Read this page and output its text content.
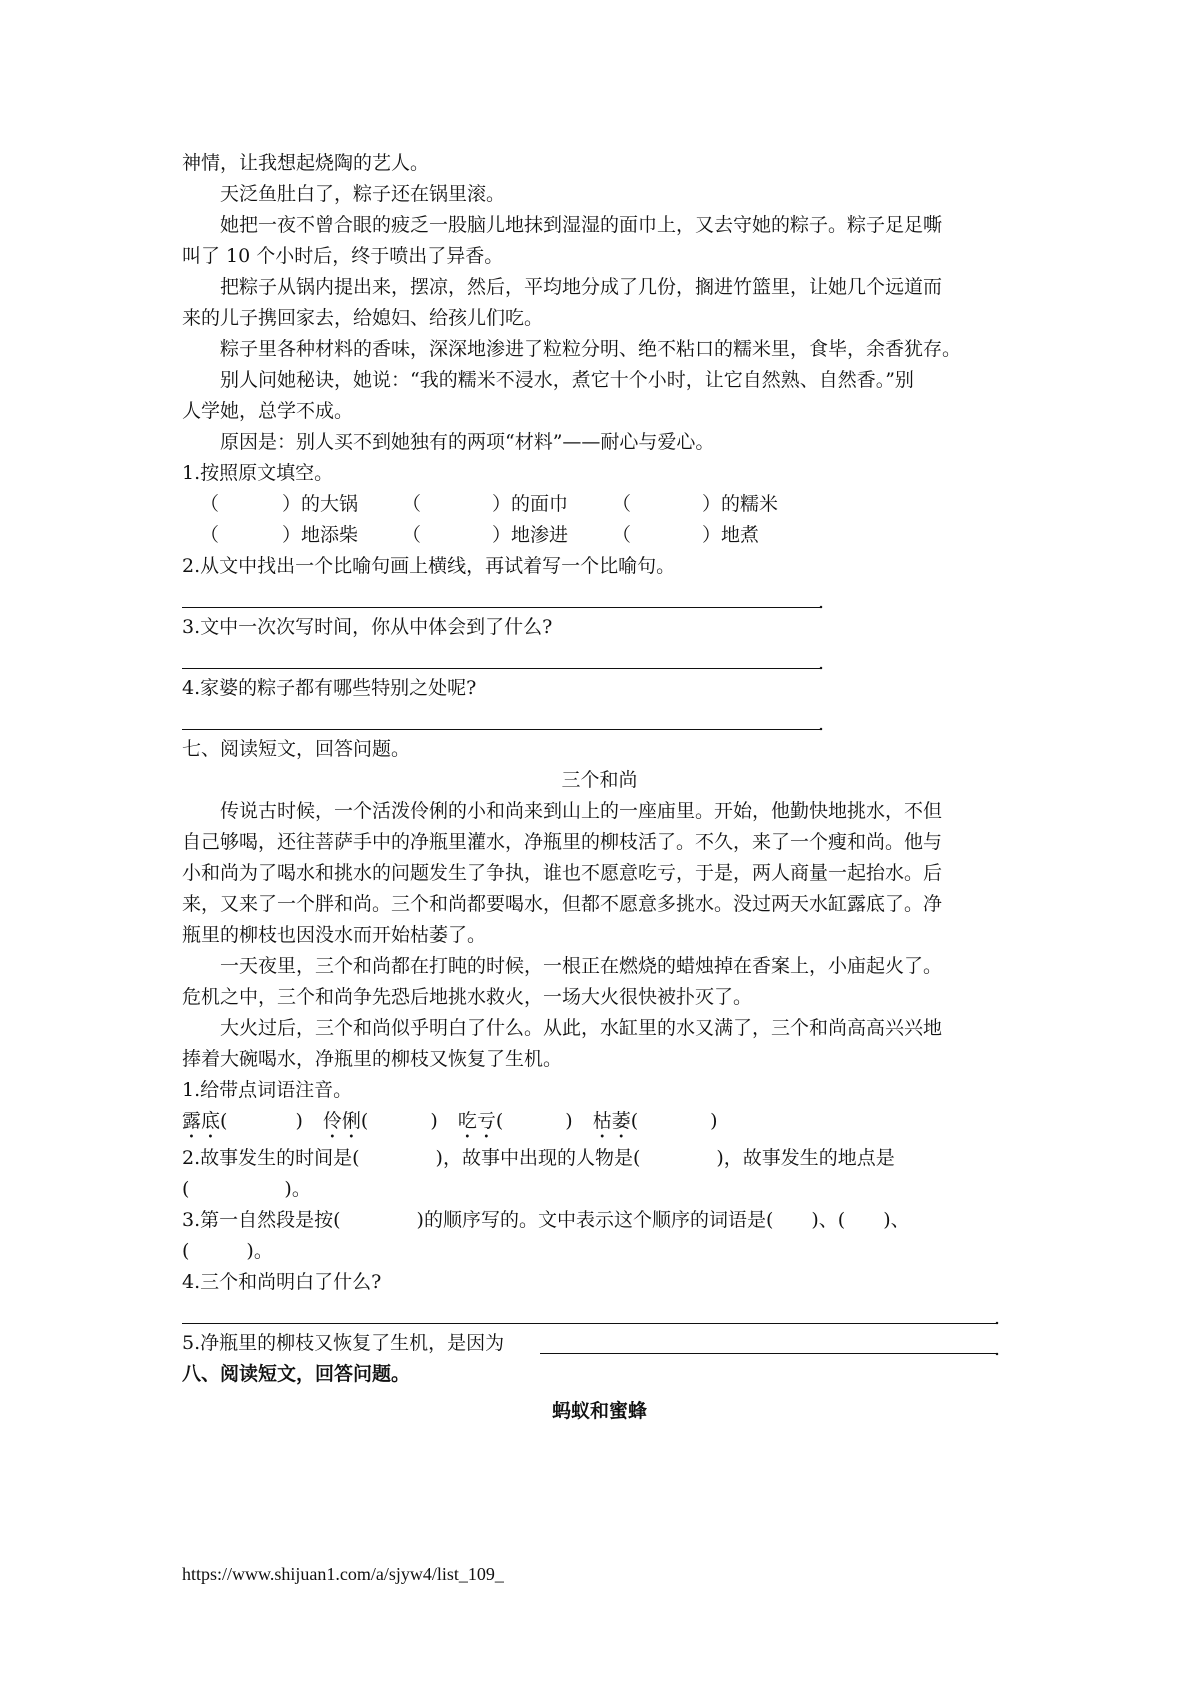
神情，让我想起烧陶的艺人。
天泛鱼肚白了，粽子还在锅里滚。
她把一夜不曾合眼的疲乏一股脑儿地抹到湿湿的面巾上，又去守她的粽子。粽子足足嘶
叫了 10 个小时后，终于喷出了异香。
把粽子从锅内提出来，摆凉，然后，平均地分成了几份，搁进竹篮里，让她几个远道而
来的儿子携回家去，给媳妇、给孩儿们吃。
粽子里各种材料的香味，深深地渗进了粒粒分明、绝不粘口的糯米里，食毕，余香犹存。
别人问她秘诀，她说：“我的糯米不浸水，煮它十个小时，让它自然熟、自然香。”别
人学她，总学不成。
原因是：别人买不到她独有的两项“材料”——耐心与爱心。
1.按照原文填空。
（	）的大锅 （	）的面巾 （	）的糯米
（	）地添柴 （	）地渗进 （	）地煮
2.从文中找出一个比喻句画上横线，再试着写一个比喻句。
.
3.文中一次次写时间，你从中体会到了什么?
.
4.家婆的粽子都有哪些特别之处呢?
.
七、阅读短文，回答问题。
三个和尚
传说古时候，一个活泼伶俐的小和尚来到山上的一座庙里。开始，他勤快地挑水，不但
自己够喝，还往菩萨手中的净瓶里灌水，净瓶里的柳枝活了。不久，来了一个瘦和尚。他与
小和尚为了喝水和挑水的问题发生了争执，谁也不愿意吃亏，于是，两人商量一起抬水。后
来，又来了一个胖和尚。三个和尚都要喝水，但都不愿意多挑水。没过两天水缸露底了。净
瓶里的柳枝也因没水而开始枯萎了。
一天夜里，三个和尚都在打盹的时候，一根正在燃烧的蜡烛掉在香案上，小庙起火了。
危机之中，三个和尚争先恐后地挑水救火，一场大火很快被扑灭了。
大火过后，三个和尚似乎明白了什么。从此，水缸里的水又满了，三个和尚高高兴兴地
捧着大碗喝水，净瓶里的柳枝又恢复了生机。
1.给带点词语注音。
露底(	) 伶俐(	) 吃亏(	) 枯萎(	)
2.故事发生的时间是(　　　　)，故事中出现的人物是(　　　　)，故事发生的地点是
(　　　　　)。
3.第一自然段是按(　　　　)的顺序写的。文中表示这个顺序的词语是(　　)、(　　)、
(　　　)。
4.三个和尚明白了什么?
.
5.净瓶里的柳枝又恢复了生机，是因为	.
八、阅读短文，回答问题。
蚂蚁和蜜蜂
https://www.shijuan1.com/a/sjyw4/list_109_
